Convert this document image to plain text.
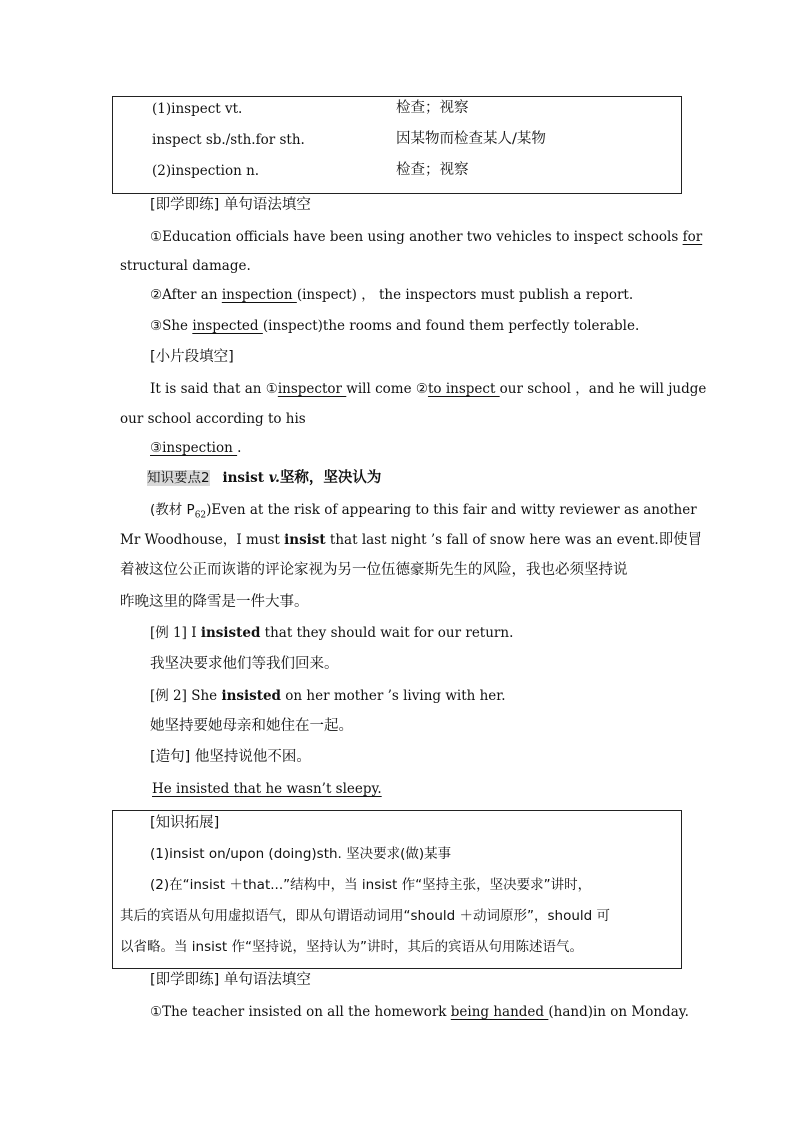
(1)inspect vt.	检查；视察
inspect sb./sth.for sth.	因某物而检查某人/某物
(2)inspection n.	检查；视察
[即学即练] 单句语法填空
①Education officials have been using another two vehicles to inspect schools for
structural damage.
②After an inspection (inspect) ， the inspectors must publish a report.
③She inspected (inspect)the rooms and found them perfectly tolerable.
[小片段填空]
It is said that an ①inspector will come ②to inspect our school ，and he will judge
our school according to his
③inspection .
知识要点2 insist v.坚称，坚决认为
(教材 $P_{62})Even$ at the risk of appearing to this fair and witty reviewer as another
Mr Woodhouse，I must insist that last night ’s fall of snow here was an event.即使冒
着被这位公正而诙谐的评论家视为另一位伍德豪斯先生的风险，我也必须坚持说
昨晚这里的降雪是一件大事。
[例 1] I insisted that they should wait for our return.
我坚决要求他们等我们回来。
[例 2] She insisted on her mother ’s living with her.
她坚持要她母亲和她住在一起。
[造句] 他坚持说他不困。
He insisted that he wasn’t sleepy.
[知识拓展]
(1)insist on/upon (doing)sth. 坚决要求(做)某事
(2)在“insist ＋that...”结构中，当 insist 作“坚持主张，坚决要求”讲时，
其后的宾语从句用虚拟语气，即从句谓语动词用“should ＋动词原形”，should 可
以省略。当 insist 作“坚持说，坚持认为”讲时，其后的宾语从句用陈述语气。
[即学即练] 单句语法填空
①The teacher insisted on all the homework being handed (hand)in on Monday.
